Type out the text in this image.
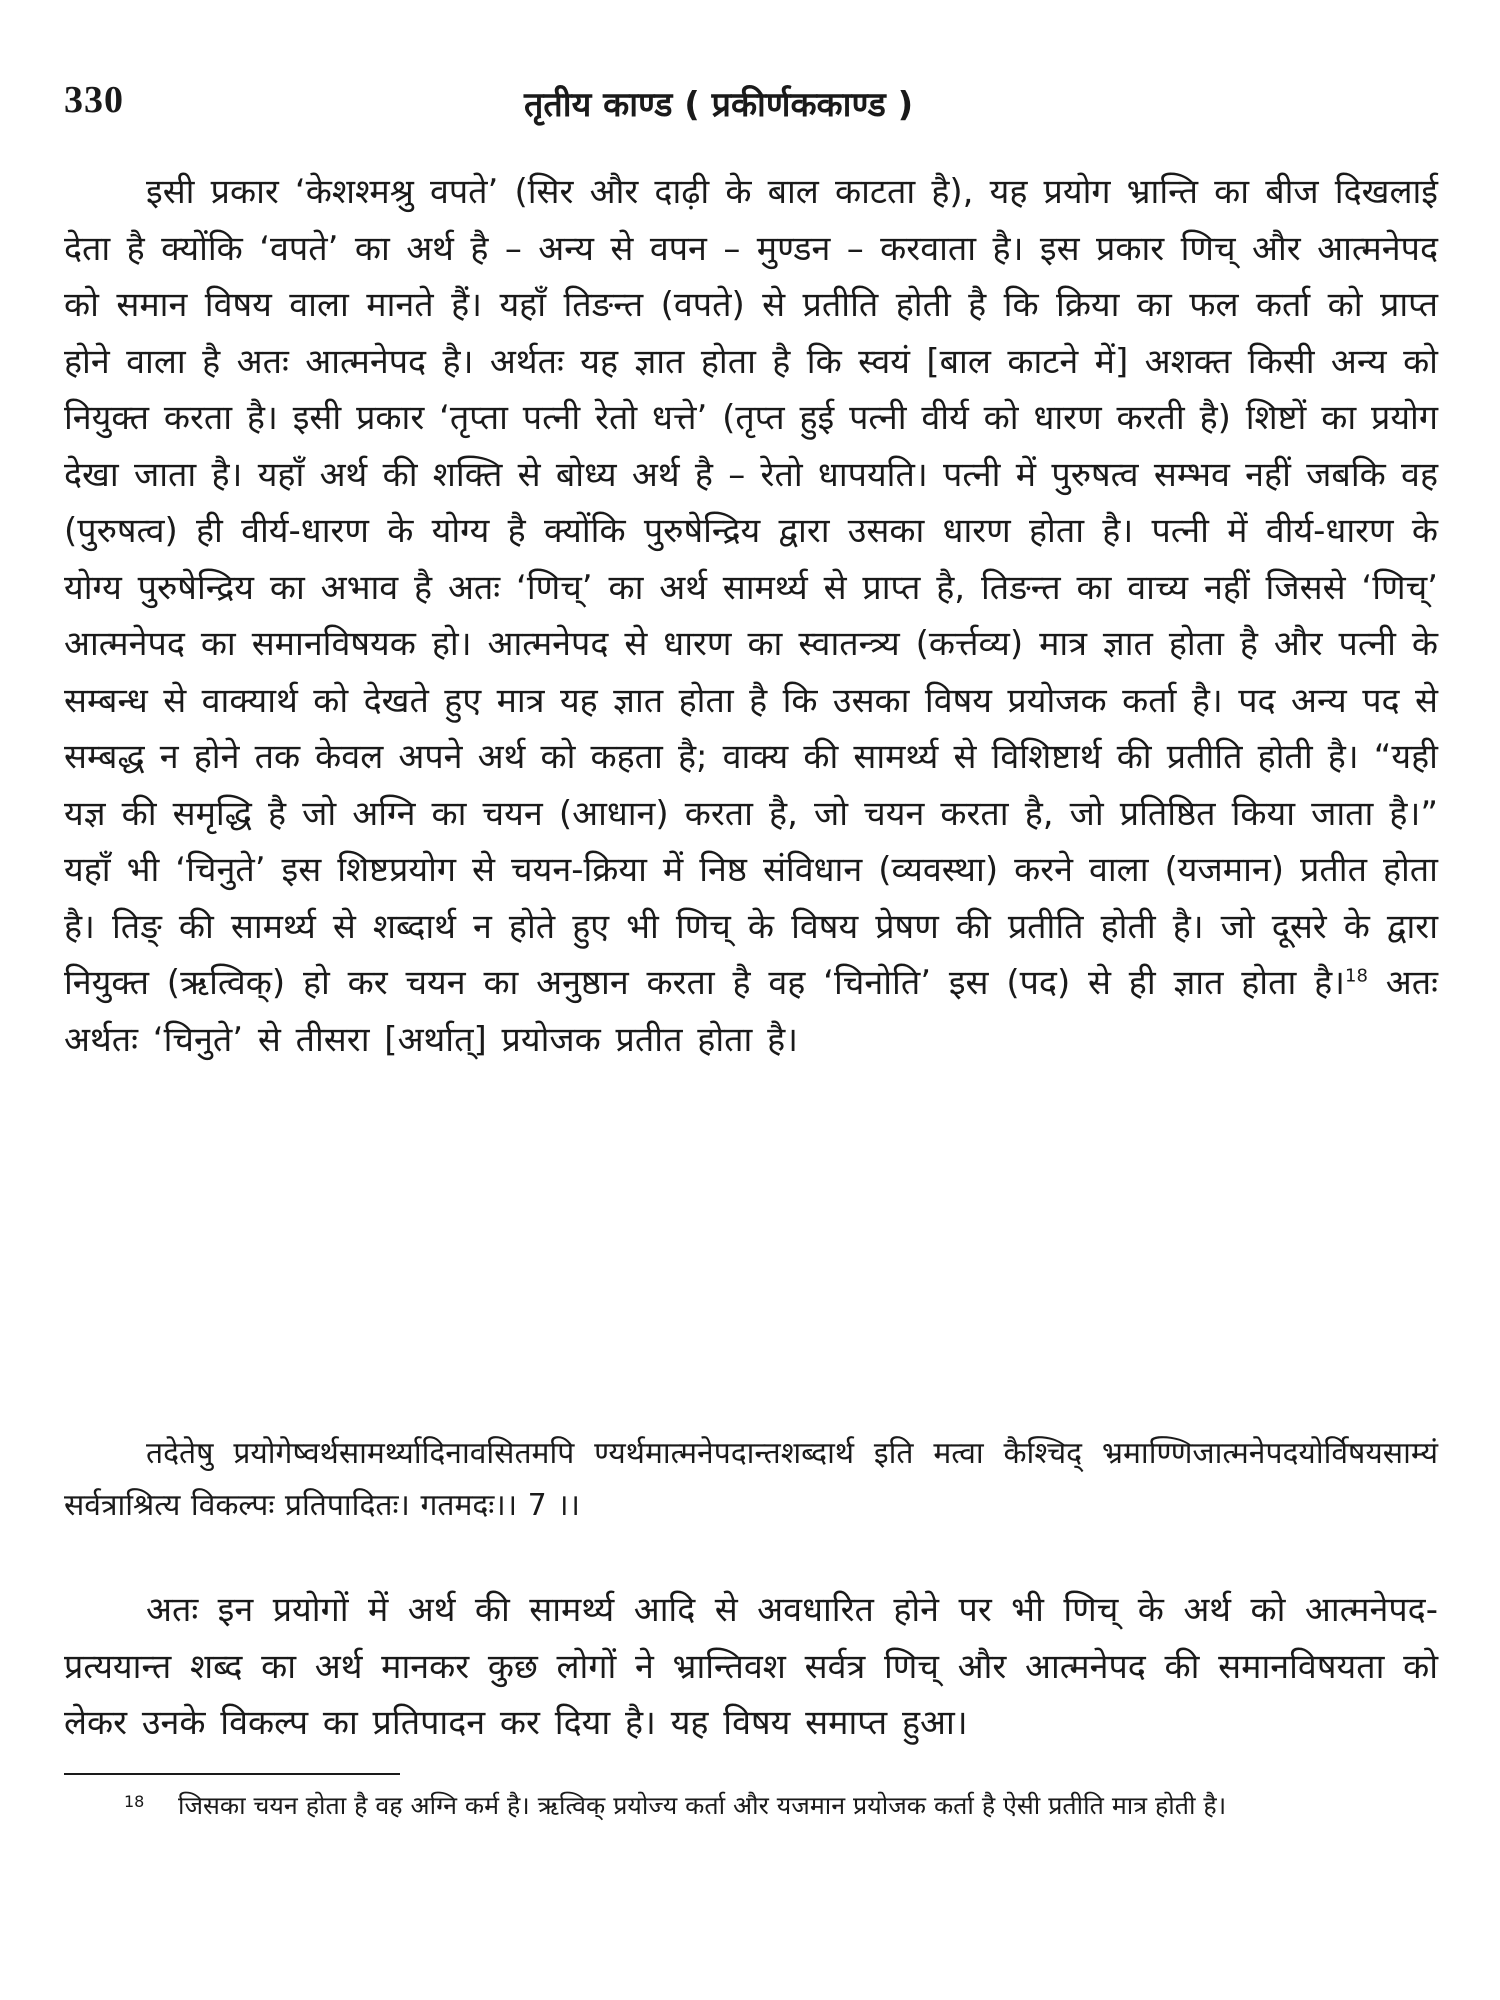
330	तृतीय काण्ड ( प्रकीर्णककाण्ड )

इसी प्रकार ‘केशश्मश्रु वपते’ (सिर और दाढ़ी के बाल काटता है), यह प्रयोग भ्रान्ति का बीज दिखलाई देता है क्योंकि ‘वपते’ का अर्थ है – अन्य से वपन – मुण्डन – करवाता है। इस प्रकार णिच् और आत्मनेपद को समान विषय वाला मानते हैं। यहाँ तिङन्त (वपते) से प्रतीति होती है कि क्रिया का फल कर्ता को प्राप्त होने वाला है अतः आत्मनेपद है। अर्थतः यह ज्ञात होता है कि स्वयं [बाल काटने में] अशक्त किसी अन्य को नियुक्त करता है। इसी प्रकार ‘तृप्ता पत्नी रेतो धत्ते’ (तृप्त हुई पत्नी वीर्य को धारण करती है) शिष्टों का प्रयोग देखा जाता है। यहाँ अर्थ की शक्ति से बोध्य अर्थ है – रेतो धापयति। पत्नी में पुरुषत्व सम्भव नहीं जबकि वह (पुरुषत्व) ही वीर्य-धारण के योग्य है क्योंकि पुरुषेन्द्रिय द्वारा उसका धारण होता है। पत्नी में वीर्य-धारण के योग्य पुरुषेन्द्रिय का अभाव है अतः ‘णिच्’ का अर्थ सामर्थ्य से प्राप्त है, तिङन्त का वाच्य नहीं जिससे ‘णिच्’ आत्मनेपद का समानविषयक हो। आत्मनेपद से धारण का स्वातन्त्र्य (कर्त्तव्य) मात्र ज्ञात होता है और पत्नी के सम्बन्ध से वाक्यार्थ को देखते हुए मात्र यह ज्ञात होता है कि उसका विषय प्रयोजक कर्ता है। पद अन्य पद से सम्बद्ध न होने तक केवल अपने अर्थ को कहता है; वाक्य की सामर्थ्य से विशिष्टार्थ की प्रतीति होती है। “यही यज्ञ की समृद्धि है जो अग्नि का चयन (आधान) करता है, जो चयन करता है, जो प्रतिष्ठित किया जाता है।” यहाँ भी ‘चिनुते’ इस शिष्टप्रयोग से चयन-क्रिया में निष्ठ संविधान (व्यवस्था) करने वाला (यजमान) प्रतीत होता है। तिङ् की सामर्थ्य से शब्दार्थ न होते हुए भी णिच् के विषय प्रेषण की प्रतीति होती है। जो दूसरे के द्वारा नियुक्त (ऋत्विक्) हो कर चयन का अनुष्ठान करता है वह ‘चिनोति’ इस (पद) से ही ज्ञात होता है।$^{18}$ अतः अर्थतः ‘चिनुते’ से तीसरा [अर्थात्] प्रयोजक प्रतीत होता है।

तदेतेषु प्रयोगेष्वर्थसामर्थ्यादिनावसितमपि ण्यर्थमात्मनेपदान्तशब्दार्थ इति मत्वा कैश्चिद् भ्रमाण्णिजात्मनेपदयोर्विषयसाम्यं सर्वत्राश्रित्य विकल्पः प्रतिपादितः। गतमदः।। 7 ।।

अतः इन प्रयोगों में अर्थ की सामर्थ्य आदि से अवधारित होने पर भी णिच् के अर्थ को आत्मनेपद-प्रत्ययान्त शब्द का अर्थ मानकर कुछ लोगों ने भ्रान्तिवश सर्वत्र णिच् और आत्मनेपद की समानविषयता को लेकर उनके विकल्प का प्रतिपादन कर दिया है। यह विषय समाप्त हुआ।

18 जिसका चयन होता है वह अग्नि कर्म है। ऋत्विक् प्रयोज्य कर्ता और यजमान प्रयोजक कर्ता है ऐसी प्रतीति मात्र होती है।
